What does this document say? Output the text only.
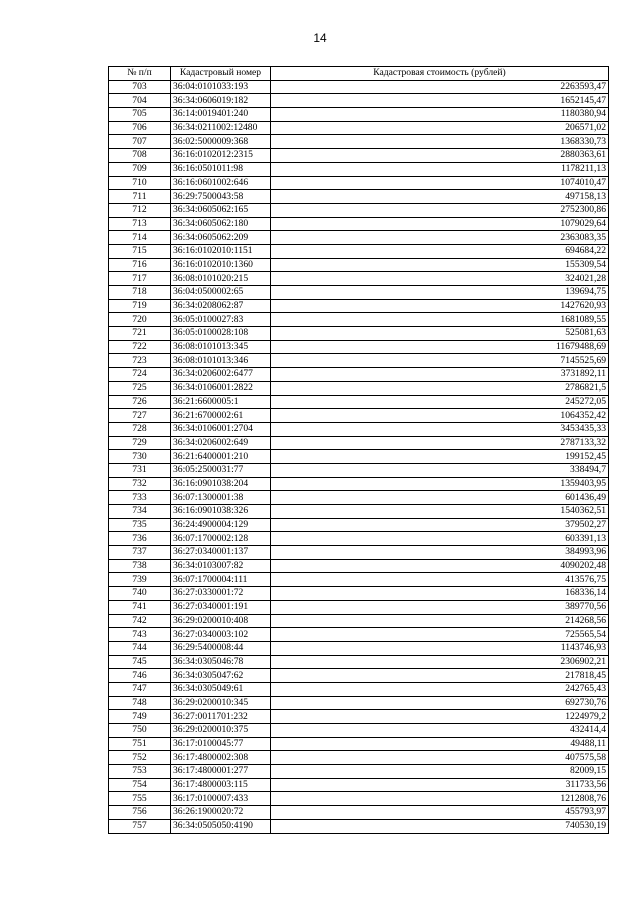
14
№ п/п	Кадастровый номер	Кадастровая стоимость (рублей)
703	36:04:0101033:193	2263593,47
704	36:34:0606019:182	1652145,47
705	36:14:0019401:240	1180380,94
706	36:34:0211002:12480	206571,02
707	36:02:5000009:368	1368330,73
708	36:16:0102012:2315	2880363,61
709	36:16:0501011:98	1178211,13
710	36:16:0601002:646	1074010,47
711	36:29:7500043:58	497158,13
712	36:34:0605062:165	2752300,86
713	36:34:0605062:180	1079029,64
714	36:34:0605062:209	2363083,35
715	36:16:0102010:1151	694684,22
716	36:16:0102010:1360	155309,54
717	36:08:0101020:215	324021,28
718	36:04:0500002:65	139694,75
719	36:34:0208062:87	1427620,93
720	36:05:0100027:83	1681089,55
721	36:05:0100028:108	525081,63
722	36:08:0101013:345	11679488,69
723	36:08:0101013:346	7145525,69
724	36:34:0206002:6477	3731892,11
725	36:34:0106001:2822	2786821,5
726	36:21:6600005:1	245272,05
727	36:21:6700002:61	1064352,42
728	36:34:0106001:2704	3453435,33
729	36:34:0206002:649	2787133,32
730	36:21:6400001:210	199152,45
731	36:05:2500031:77	338494,7
732	36:16:0901038:204	1359403,95
733	36:07:1300001:38	601436,49
734	36:16:0901038:326	1540362,51
735	36:24:4900004:129	379502,27
736	36:07:1700002:128	603391,13
737	36:27:0340001:137	384993,96
738	36:34:0103007:82	4090202,48
739	36:07:1700004:111	413576,75
740	36:27:0330001:72	168336,14
741	36:27:0340001:191	389770,56
742	36:29:0200010:408	214268,56
743	36:27:0340003:102	725565,54
744	36:29:5400008:44	1143746,93
745	36:34:0305046:78	2306902,21
746	36:34:0305047:62	217818,45
747	36:34:0305049:61	242765,43
748	36:29:0200010:345	692730,76
749	36:27:0011701:232	1224979,2
750	36:29:0200010:375	432414,4
751	36:17:0100045:77	49488,11
752	36:17:4800002:308	407575,58
753	36:17:4800001:277	82009,15
754	36:17:4800003:115	311733,56
755	36:17:0100007:433	1212808,76
756	36:26:1900020:72	455793,97
757	36:34:0505050:4190	740530,19
